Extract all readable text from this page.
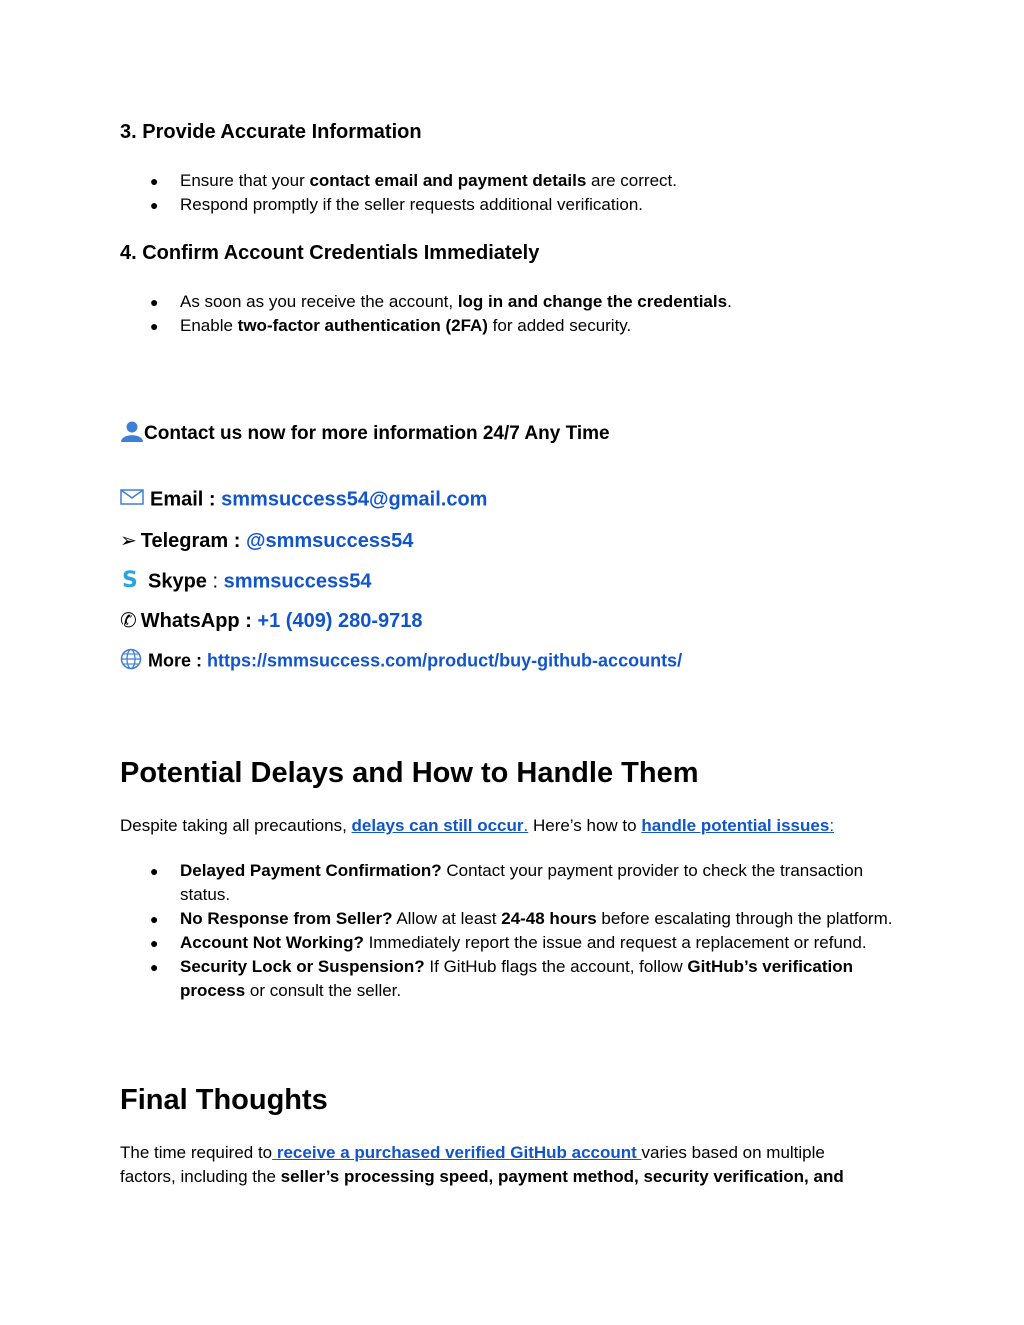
3. Provide Accurate Information
● Ensure that your contact email and payment details are correct.
● Respond promptly if the seller requests additional verification.
4. Confirm Account Credentials Immediately
● As soon as you receive the account, log in and change the credentials.
● Enable two-factor authentication (2FA) for added security.
Contact us now for more information 24/7 Any Time
Email : smmsuccess54@gmail.com
➢ Telegram : @smmsuccess54
S Skype : smmsuccess54
✆ WhatsApp : +1 (409) 280-9718
More : https://smmsuccess.com/product/buy-github-accounts/
Potential Delays and How to Handle Them
Despite taking all precautions, delays can still occur. Here’s how to handle potential issues:
● Delayed Payment Confirmation? Contact your payment provider to check the transaction status.
● No Response from Seller? Allow at least 24-48 hours before escalating through the platform.
● Account Not Working? Immediately report the issue and request a replacement or refund.
● Security Lock or Suspension? If GitHub flags the account, follow GitHub’s verification process or consult the seller.
Final Thoughts
The time required to receive a purchased verified GitHub account varies based on multiple
factors, including the seller’s processing speed, payment method, security verification, and
